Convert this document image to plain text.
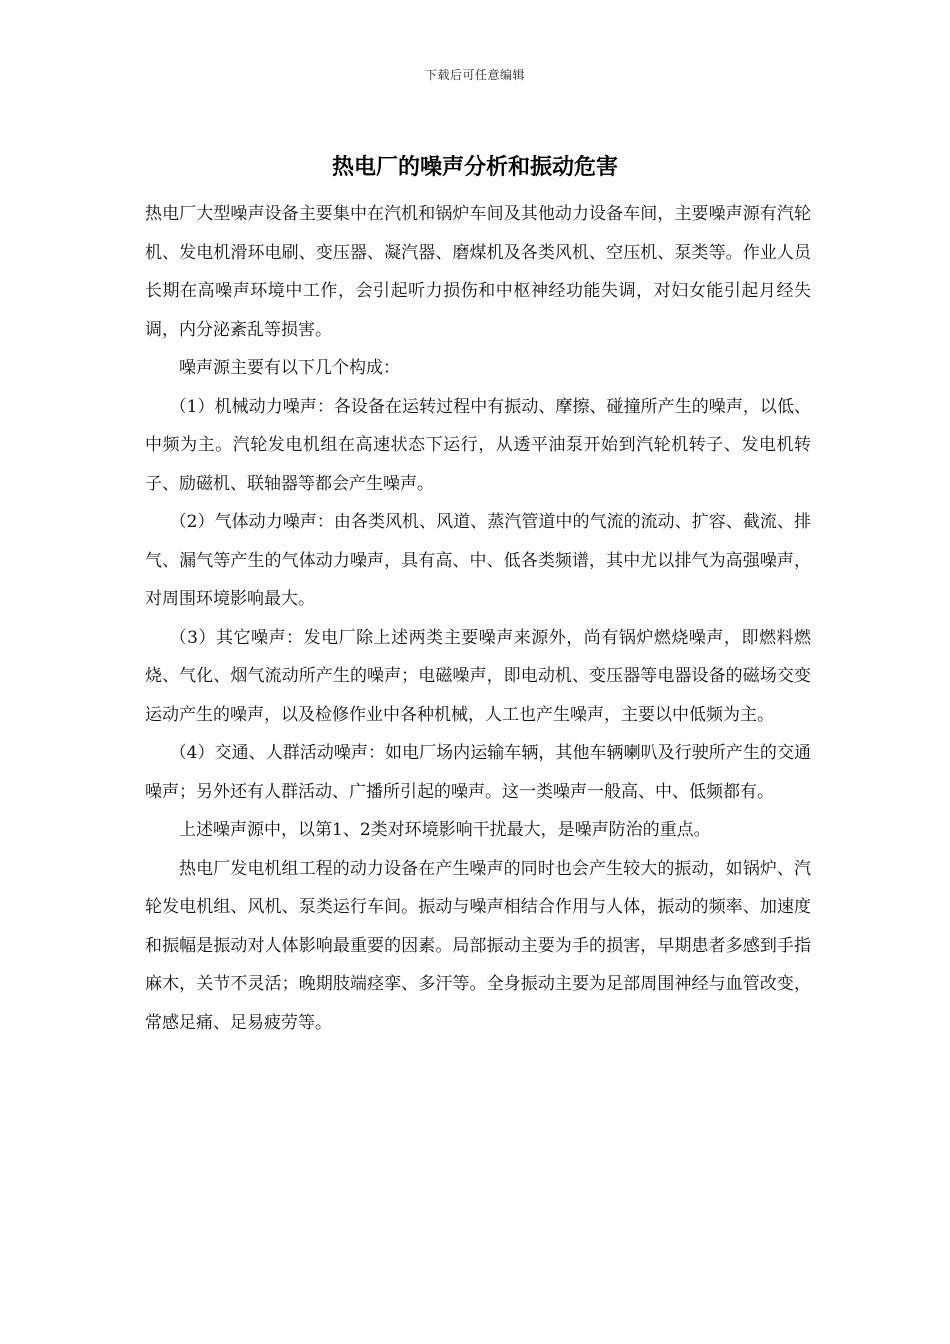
下载后可任意编辑
热电厂的噪声分析和振动危害

热电厂大型噪声设备主要集中在汽机和锅炉车间及其他动力设备车间，主要噪声源有汽轮机、发电机滑环电刷、变压器、凝汽器、磨煤机及各类风机、空压机、泵类等。作业人员长期在高噪声环境中工作，会引起听力损伤和中枢神经功能失调，对妇女能引起月经失调，内分泌紊乱等损害。

噪声源主要有以下几个构成：

（1）机械动力噪声：各设备在运转过程中有振动、摩擦、碰撞所产生的噪声，以低、中频为主。汽轮发电机组在高速状态下运行，从透平油泵开始到汽轮机转子、发电机转子、励磁机、联轴器等都会产生噪声。

（2）气体动力噪声：由各类风机、风道、蒸汽管道中的气流的流动、扩容、截流、排气、漏气等产生的气体动力噪声，具有高、中、低各类频谱，其中尤以排气为高强噪声，对周围环境影响最大。

（3）其它噪声：发电厂除上述两类主要噪声来源外，尚有锅炉燃烧噪声，即燃料燃烧、气化、烟气流动所产生的噪声；电磁噪声，即电动机、变压器等电器设备的磁场交变运动产生的噪声，以及检修作业中各种机械，人工也产生噪声，主要以中低频为主。

（4）交通、人群活动噪声：如电厂场内运输车辆，其他车辆喇叭及行驶所产生的交通噪声；另外还有人群活动、广播所引起的噪声。这一类噪声一般高、中、低频都有。

上述噪声源中，以第1、2类对环境影响干扰最大，是噪声防治的重点。

热电厂发电机组工程的动力设备在产生噪声的同时也会产生较大的振动，如锅炉、汽轮发电机组、风机、泵类运行车间。振动与噪声相结合作用与人体，振动的频率、加速度和振幅是振动对人体影响最重要的因素。局部振动主要为手的损害，早期患者多感到手指麻木，关节不灵活；晚期肢端痉挛、多汗等。全身振动主要为足部周围神经与血管改变，常感足痛、足易疲劳等。
